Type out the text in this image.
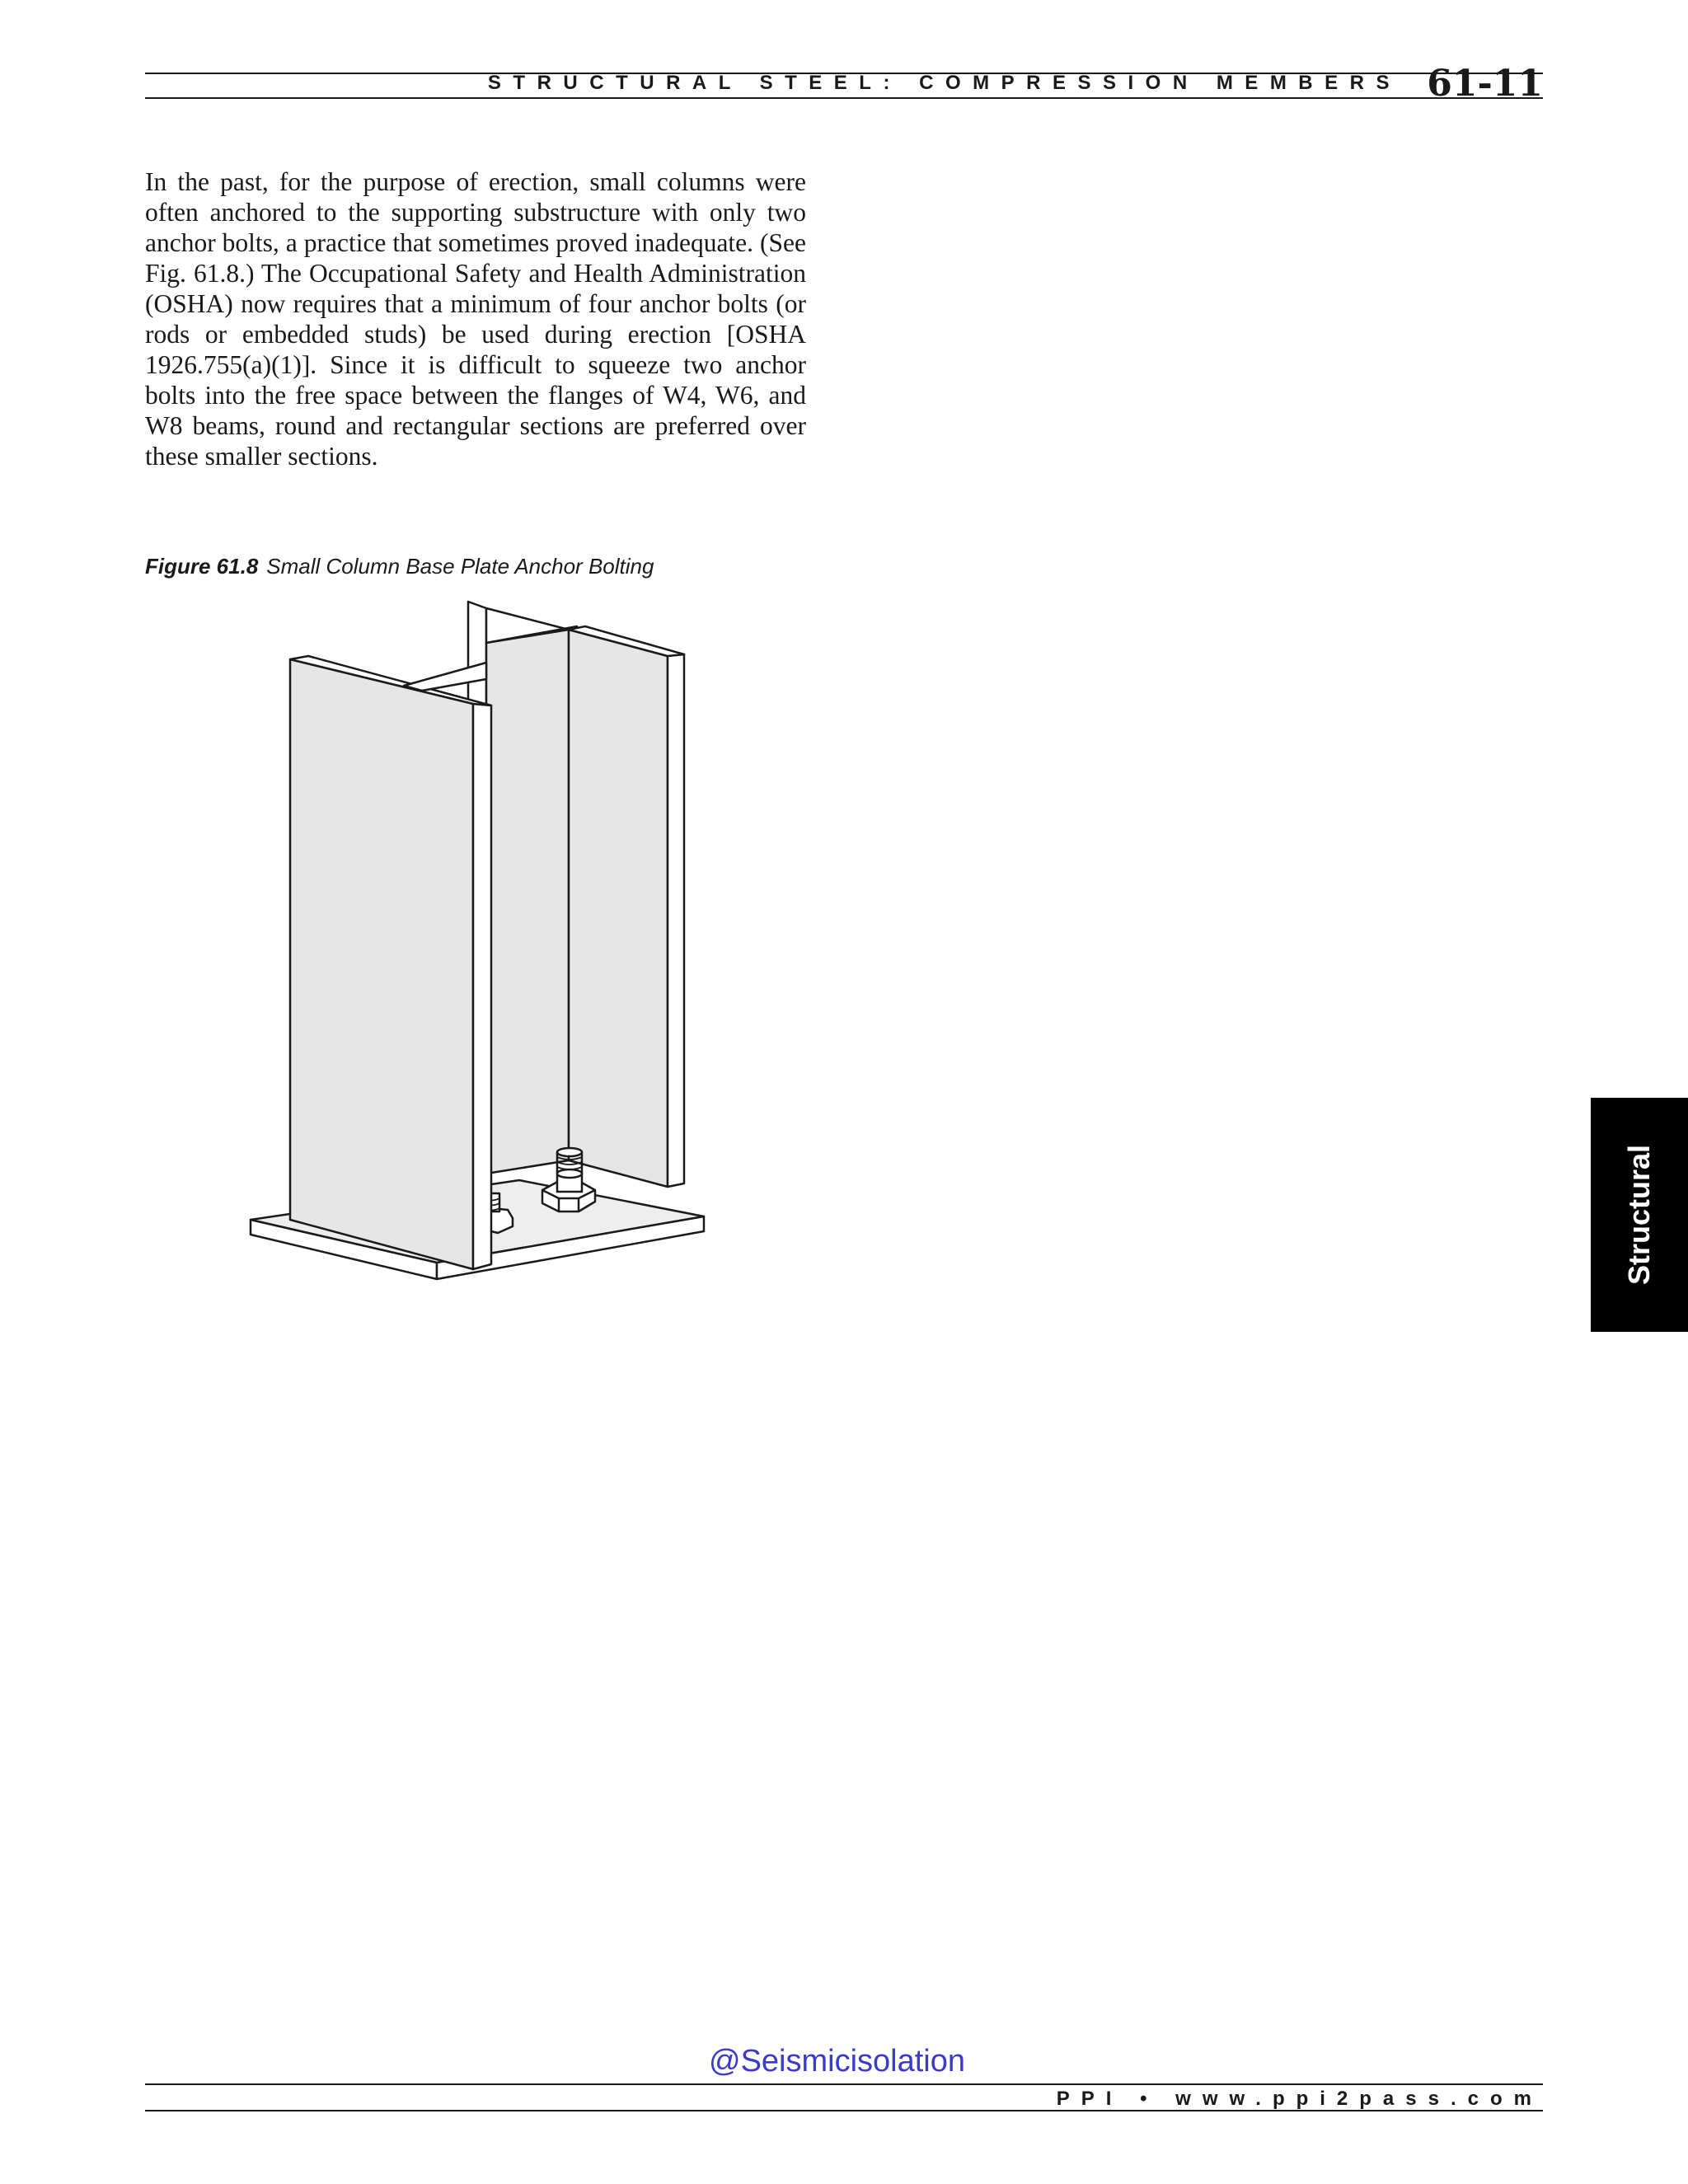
STRUCTURAL STEEL: COMPRESSION MEMBERS 61-11
In the past, for the purpose of erection, small columns were often anchored to the supporting substructure with only two anchor bolts, a practice that sometimes proved inadequate. (See Fig. 61.8.) The Occupational Safety and Health Administration (OSHA) now requires that a minimum of four anchor bolts (or rods or embedded studs) be used during erection [OSHA 1926.755(a)(1)]. Since it is difficult to squeeze two anchor bolts into the free space between the flanges of W4, W6, and W8 beams, round and rectangular sections are preferred over these smaller sections.
Figure 61.8 Small Column Base Plate Anchor Bolting
Structural
@Seismicisolation
PPI • www.ppi2pass.com
